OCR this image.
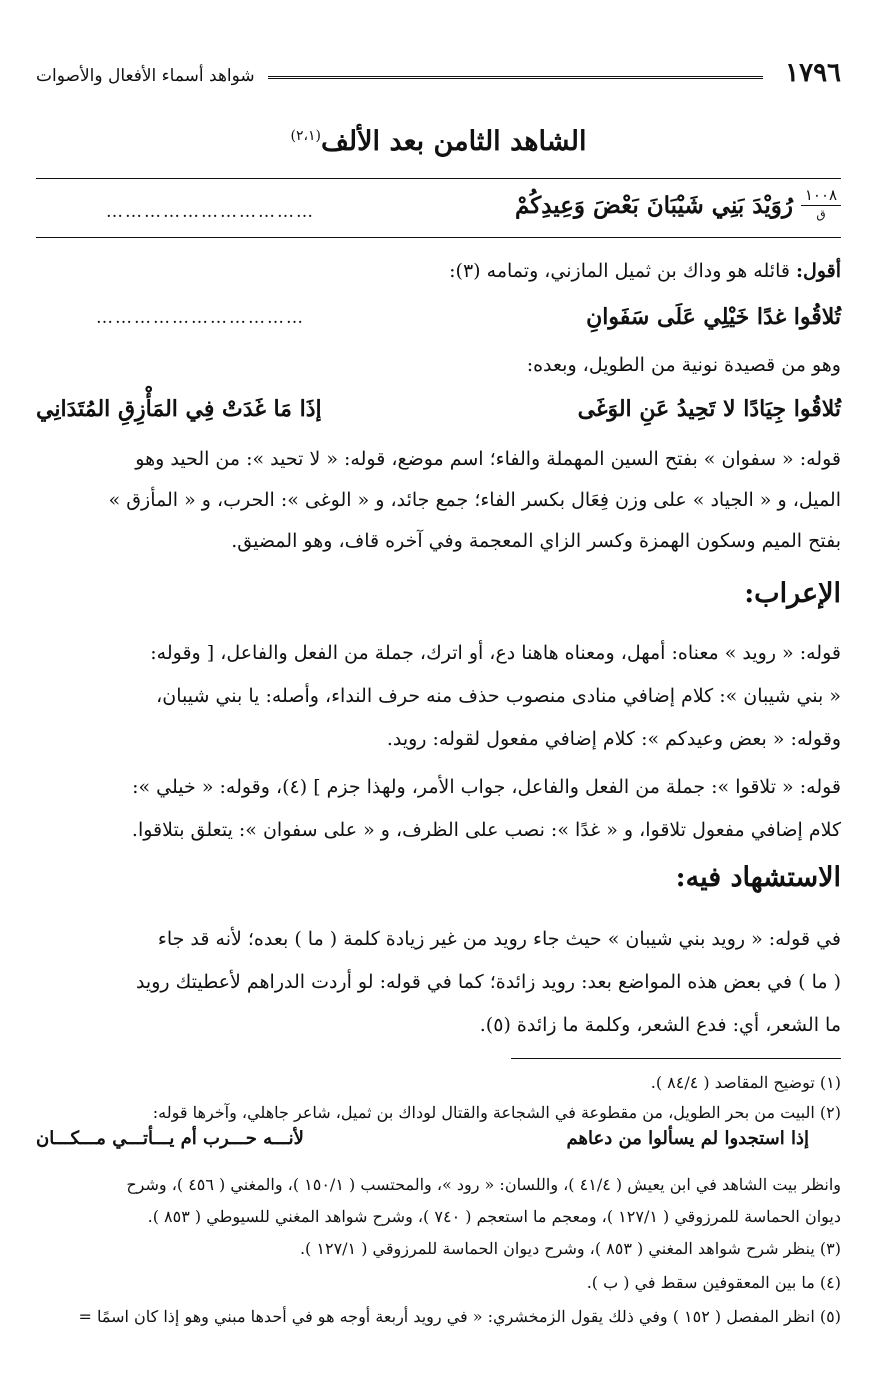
١٧٩٦
شواهد أسماء الأفعال والأصوات
الشاهد الثامن بعد الألف$^{(٢،١)}$
١٠٠٨
ق
رُوَيْدَ بَنِي شَيْبَانَ بَعْضَ وَعِيدِكُمْ
……………………………
أقول: قائله هو وداك بن ثميل المازني، وتمامه (٣):
تُلاقُوا غدًا خَيْلِي عَلَى سَفَوانِ
……………………………
وهو من قصيدة نونية من الطويل، وبعده:
تُلاقُوا جِيَادًا لا تَحِيدُ عَنِ الوَغَى
إذَا مَا غَدَتْ فِي المَأْزِقِ المُتَدَانِي
قوله: « سفوان » بفتح السين المهملة والفاء؛ اسم موضع، قوله: « لا تحيد »: من الحيد وهو
الميل، و « الجياد » على وزن فِعَال بكسر الفاء؛ جمع جائد، و « الوغى »: الحرب، و « المأزق »
بفتح الميم وسكون الهمزة وكسر الزاي المعجمة وفي آخره قاف، وهو المضيق.
الإعراب:
قوله: « رويد » معناه: أمهل، ومعناه هاهنا دع، أو اترك، جملة من الفعل والفاعل، [ وقوله:
« بني شيبان »: كلام إضافي منادى منصوب حذف منه حرف النداء، وأصله: يا بني شيبان،
وقوله: « بعض وعيدكم »: كلام إضافي مفعول لقوله: رويد.
قوله: « تلاقوا »: جملة من الفعل والفاعل، جواب الأمر، ولهذا جزم ] (٤)، وقوله: « خيلي »:
كلام إضافي مفعول تلاقوا، و « غدًا »: نصب على الظرف، و « على سفوان »: يتعلق بتلاقوا.
الاستشهاد فيه:
في قوله: « رويد بني شيبان » حيث جاء رويد من غير زيادة كلمة ( ما ) بعده؛ لأنه قد جاء
( ما ) في بعض هذه المواضع بعد: رويد زائدة؛ كما في قوله: لو أردت الدراهم لأعطيتك رويد
ما الشعر، أي: فدع الشعر، وكلمة ما زائدة (٥).
(١) توضيح المقاصد ( ٨٤/٤ ).
(٢) البيت من بحر الطويل، من مقطوعة في الشجاعة والقتال لوداك بن ثميل، شاعر جاهلي، وآخرها قوله:
إذا استجدوا لم يسألوا من دعاهم
لأنـــه حـــرب أم يـــأتـــي مـــكـــان
وانظر بيت الشاهد في ابن يعيش ( ٤١/٤ )، واللسان: « رود »، والمحتسب ( ١٥٠/١ )، والمغني ( ٤٥٦ )، وشرح
ديوان الحماسة للمرزوقي ( ١٢٧/١ )، ومعجم ما استعجم ( ٧٤٠ )، وشرح شواهد المغني للسيوطي ( ٨٥٣ ).
(٣) ينظر شرح شواهد المغني ( ٨٥٣ )، وشرح ديوان الحماسة للمرزوقي ( ١٢٧/١ ).
(٤) ما بين المعقوفين سقط في ( ب ).
(٥) انظر المفصل ( ١٥٢ ) وفي ذلك يقول الزمخشري: « في رويد أربعة أوجه هو في أحدها مبني وهو إذا كان اسمًا =
